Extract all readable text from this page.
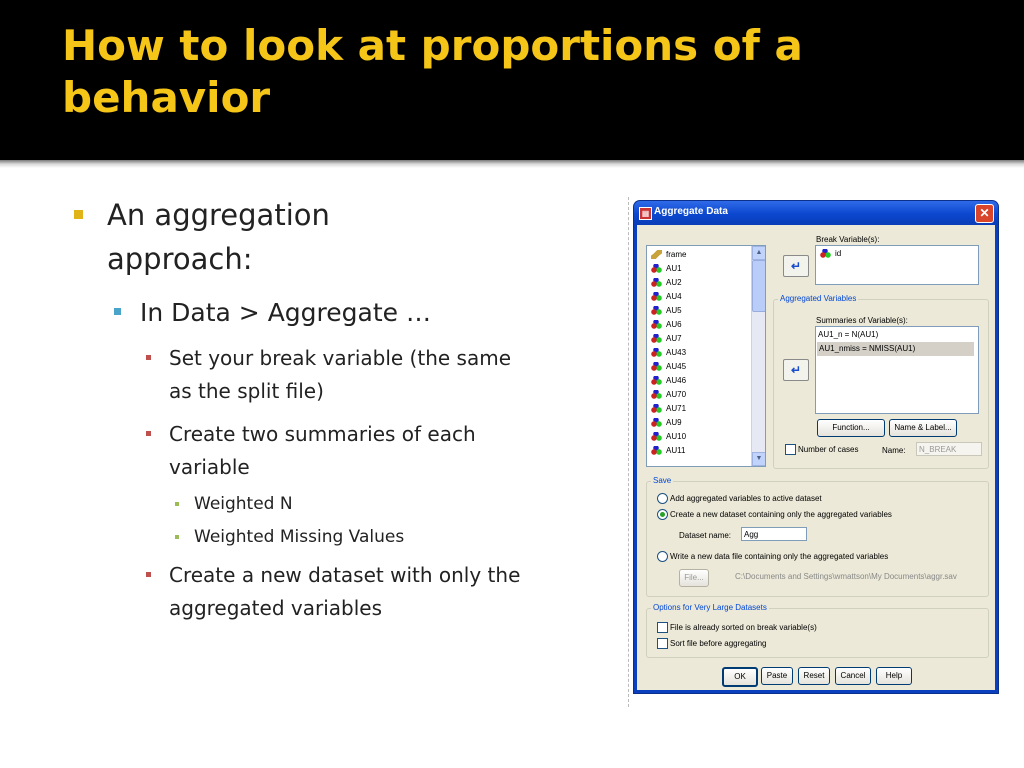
How to look at proportions of a behavior
An aggregation approach:
In Data > Aggregate …
Set your break variable (the same as the split file)
Create two summaries of each variable
Weighted N
Weighted Missing Values
Create a new dataset with only the aggregated variables
▦ Aggregate Data	✕
frame
AU1
AU2
AU4
AU5
AU6
AU7
AU43
AU45
AU46
AU70
AU71
AU9
AU10
AU11
▲
▼
↵
Break Variable(s):
id
Aggregated Variables
Summaries of Variable(s):
AU1_n = N(AU1)
AU1_nmiss = NMISS(AU1)
↵
Function...	Name & Label...
Number of cases	Name:	N_BREAK
Save
Add aggregated variables to active dataset
Create a new dataset containing only the aggregated variables
Dataset name:	Agg
Write a new data file containing only the aggregated variables
File...	C:\Documents and Settings\wmattson\My Documents\aggr.sav
Options for Very Large Datasets
File is already sorted on break variable(s)
Sort file before aggregating
OK	Paste	Reset	Cancel	Help
